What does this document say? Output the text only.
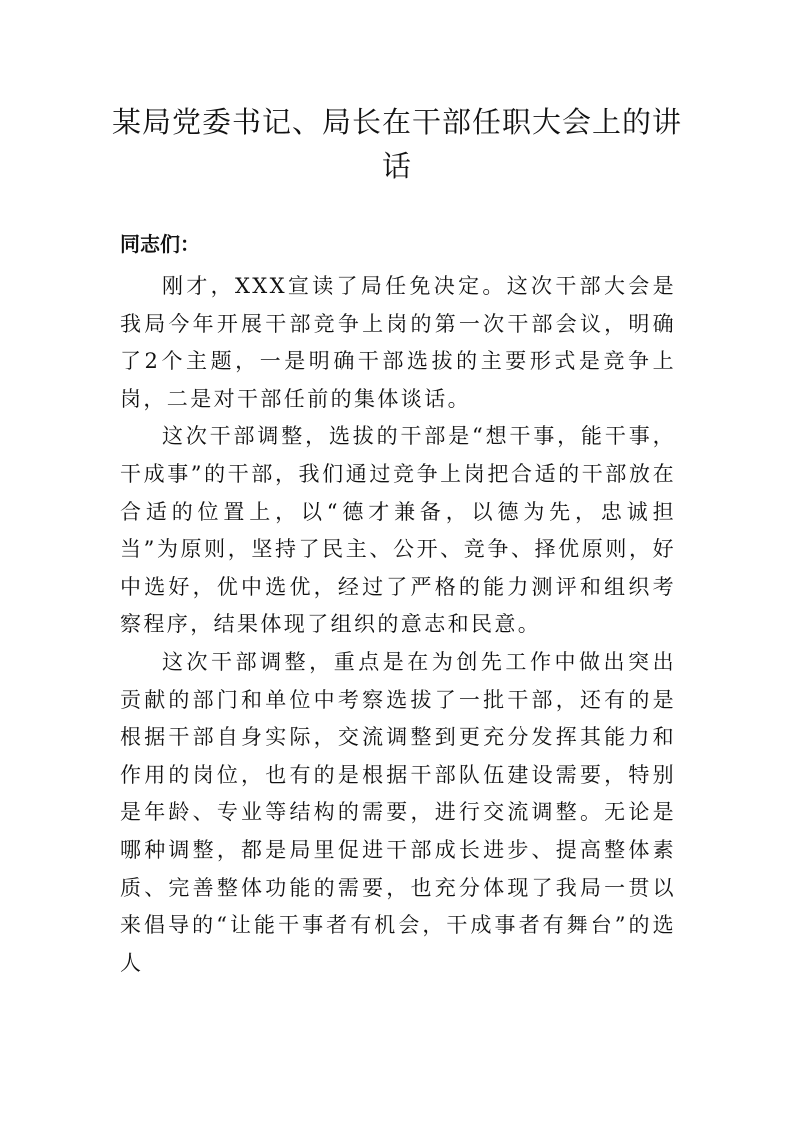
某局党委书记、局长在干部任职大会上的讲话
同志们：

刚才，XXX宣读了局任免决定。这次干部大会是我局今年开展干部竞争上岗的第一次干部会议，明确了2个主题，一是明确干部选拔的主要形式是竞争上岗，二是对干部任前的集体谈话。

这次干部调整，选拔的干部是“想干事，能干事，干成事”的干部，我们通过竞争上岗把合适的干部放在合适的位置上，以“德才兼备，以德为先，忠诚担当”为原则，坚持了民主、公开、竞争、择优原则，好中选好，优中选优，经过了严格的能力测评和组织考察程序，结果体现了组织的意志和民意。

这次干部调整，重点是在为创先工作中做出突出贡献的部门和单位中考察选拔了一批干部，还有的是根据干部自身实际，交流调整到更充分发挥其能力和作用的岗位，也有的是根据干部队伍建设需要，特别是年龄、专业等结构的需要，进行交流调整。无论是哪种调整，都是局里促进干部成长进步、提高整体素质、完善整体功能的需要，也充分体现了我局一贯以来倡导的“让能干事者有机会，干成事者有舞台”的选人
